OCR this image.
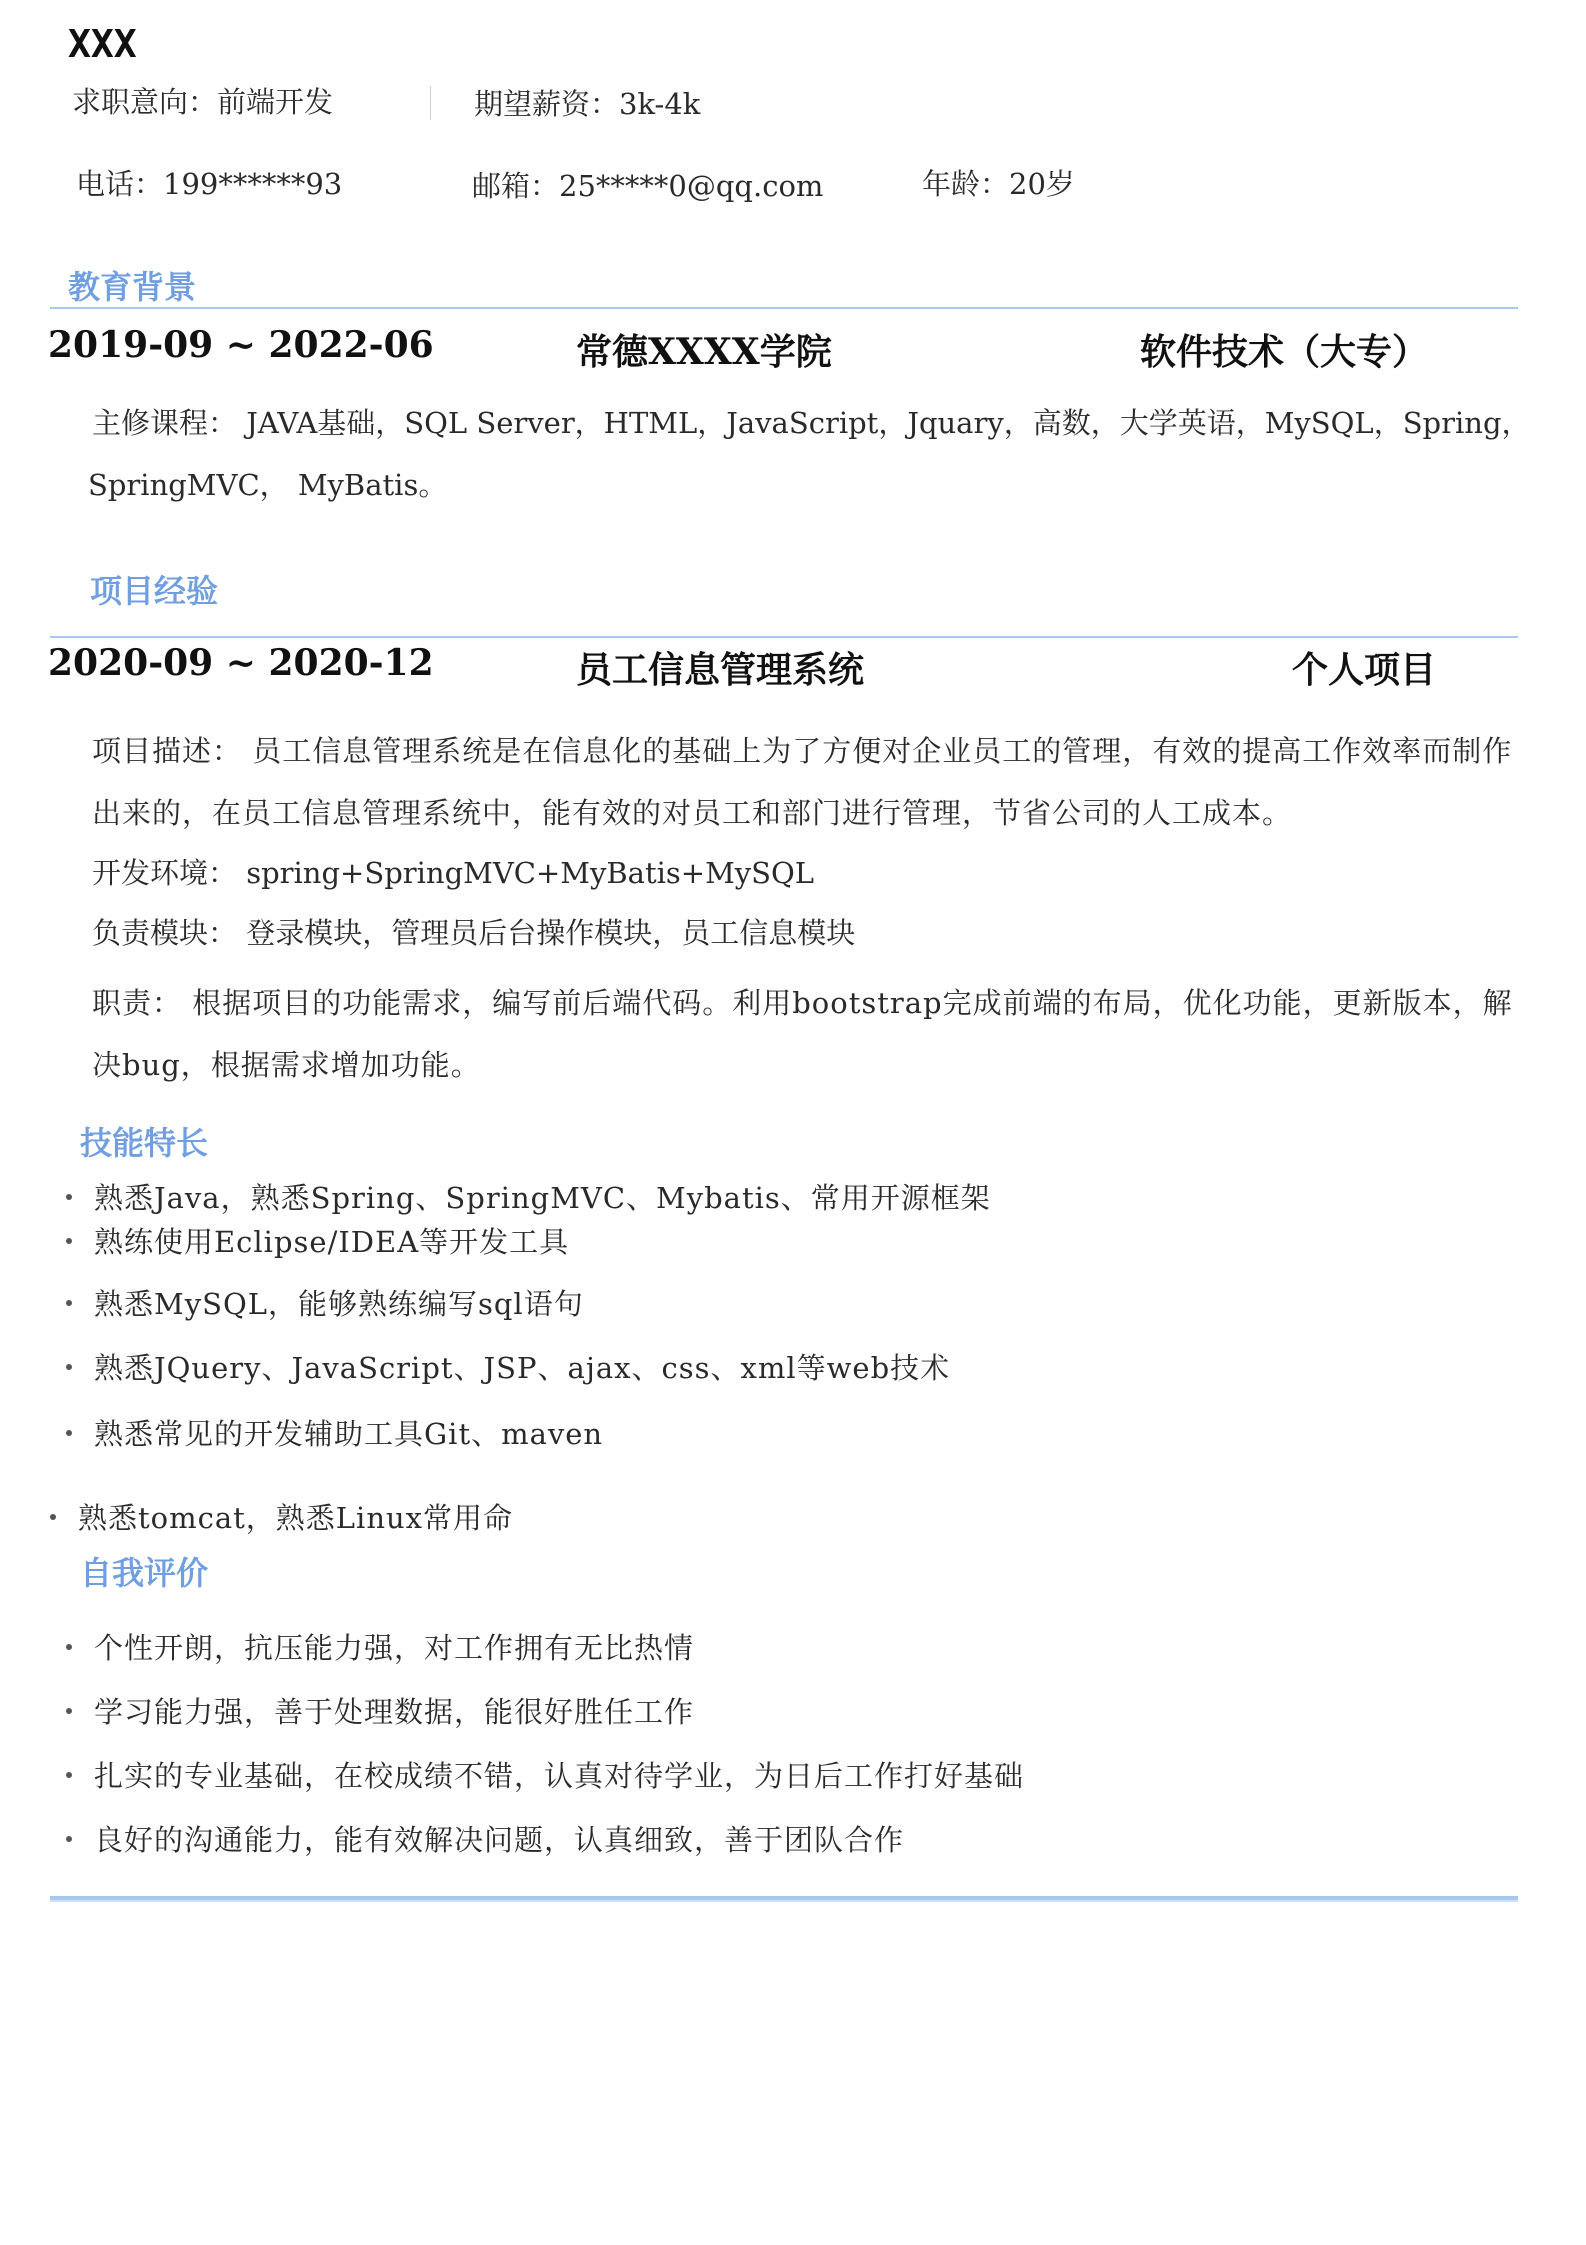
XXX
求职意向：前端开发	期望薪资：3k-4k
电话：199******93	邮箱：25*****0@qq.com	年龄：20岁
教育背景
2019-09 ~ 2022-06	常德XXXX学院	软件技术（大专）
主修课程： JAVA基础，SQL Server，HTML，JavaScript，Jquary，高数，大学英语，MySQL，Spring，
SpringMVC， MyBatis。
项目经验
2020-09 ~ 2020-12	员工信息管理系统	个人项目
项目描述： 员工信息管理系统是在信息化的基础上为了方便对企业员工的管理，有效的提高工作效率而制作出来的，在员工信息管理系统中，能有效的对员工和部门进行管理，节省公司的人工成本。
开发环境： spring+SpringMVC+MyBatis+MySQL
负责模块： 登录模块，管理员后台操作模块，员工信息模块
职责： 根据项目的功能需求，编写前后端代码。利用bootstrap完成前端的布局，优化功能，更新版本，解决bug，根据需求增加功能。
技能特长
熟悉Java，熟悉Spring、SpringMVC、Mybatis、常用开源框架
熟练使用Eclipse/IDEA等开发工具
熟悉MySQL，能够熟练编写sql语句
熟悉JQuery、JavaScript、JSP、ajax、css、xml等web技术
熟悉常见的开发辅助工具Git、maven
熟悉tomcat，熟悉Linux常用命
自我评价
个性开朗，抗压能力强，对工作拥有无比热情
学习能力强，善于处理数据，能很好胜任工作
扎实的专业基础，在校成绩不错，认真对待学业，为日后工作打好基础
良好的沟通能力，能有效解决问题，认真细致，善于团队合作
